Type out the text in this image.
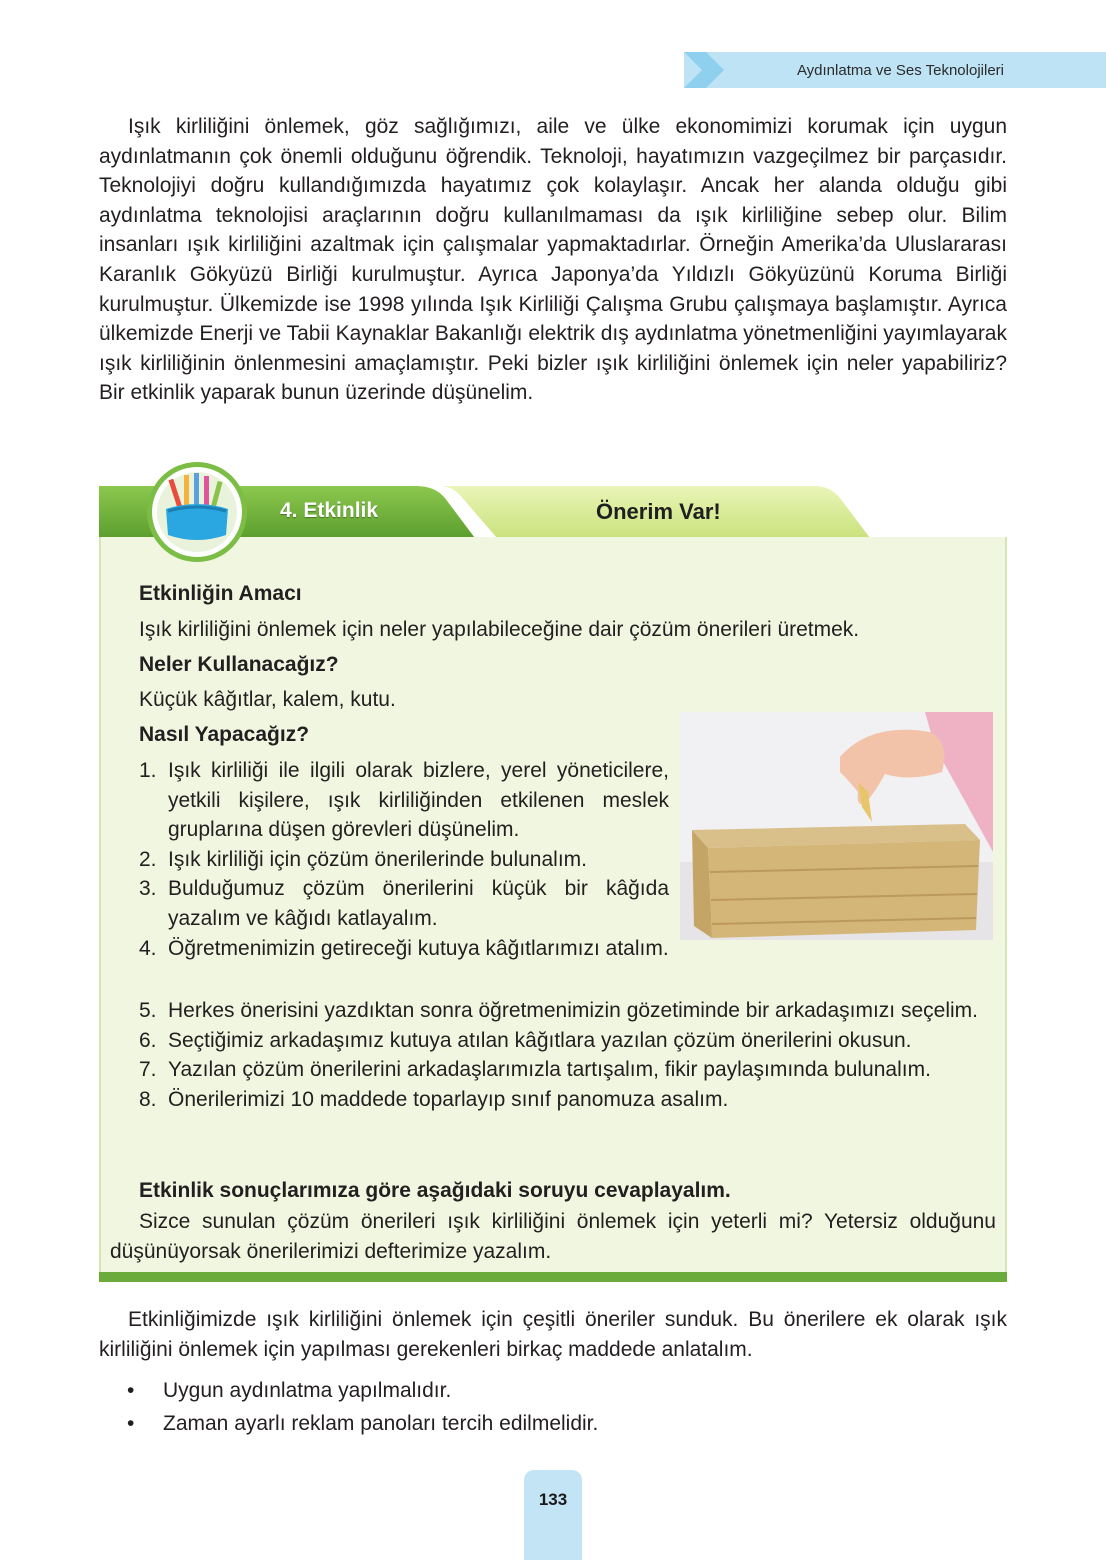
Aydınlatma ve Ses Teknolojileri

Işık kirliliğini önlemek, göz sağlığımızı, aile ve ülke ekonomimizi korumak için uygun aydınlatmanın çok önemli olduğunu öğrendik. Teknoloji, hayatımızın vazgeçilmez bir parçasıdır. Teknolojiyi doğru kullandığımızda hayatımız çok kolaylaşır. Ancak her alanda olduğu gibi aydınlatma teknolojisi araçlarının doğru kullanılmaması da ışık kirliliğine sebep olur. Bilim insanları ışık kirliliğini azaltmak için çalışmalar yapmaktadırlar. Örneğin Amerika’da Uluslararası Karanlık Gökyüzü Birliği kurulmuştur. Ayrıca Japonya’da Yıldızlı Gökyüzünü Koruma Birliği kurulmuştur. Ülkemizde ise 1998 yılında Işık Kirliliği Çalışma Grubu çalışmaya başlamıştır. Ayrıca ülkemizde Enerji ve Tabii Kaynaklar Bakanlığı elektrik dış aydınlatma yönetmenliğini yayımlayarak ışık kirliliğinin önlenmesini amaçlamıştır. Peki bizler ışık kirliliğini önlemek için neler yapabiliriz? Bir etkinlik yaparak bunun üzerinde düşünelim.

4. Etkinlik	Önerim Var!

Etkinliğin Amacı

Işık kirliliğini önlemek için neler yapılabileceğine dair çözüm önerileri üretmek.

Neler Kullanacağız?

Küçük kâğıtlar, kalem, kutu.

Nasıl Yapacağız?

1. Işık kirliliği ile ilgili olarak bizlere, yerel yöneticilere, yetkili kişilere, ışık kirliliğinden etkilenen meslek gruplarına düşen görevleri düşünelim.
2. Işık kirliliği için çözüm önerilerinde bulunalım.
3. Bulduğumuz çözüm önerilerini küçük bir kâğıda yazalım ve kâğıdı katlayalım.
4. Öğretmenimizin getireceği kutuya kâğıtlarımızı atalım.
5. Herkes önerisini yazdıktan sonra öğretmenimizin gözetiminde bir arkadaşımızı seçelim.
6. Seçtiğimiz arkadaşımız kutuya atılan kâğıtlara yazılan çözüm önerilerini okusun.
7. Yazılan çözüm önerilerini arkadaşlarımızla tartışalım, fikir paylaşımında bulunalım.
8. Önerilerimizi 10 maddede toparlayıp sınıf panomuza asalım.

Etkinlik sonuçlarımıza göre aşağıdaki soruyu cevaplayalım.

Sizce sunulan çözüm önerileri ışık kirliliğini önlemek için yeterli mi? Yetersiz olduğunu düşünüyorsak önerilerimizi defterimize yazalım.

Etkinliğimizde ışık kirliliğini önlemek için çeşitli öneriler sunduk. Bu önerilere ek olarak ışık kirliliğini önlemek için yapılması gerekenleri birkaç maddede anlatalım.

• Uygun aydınlatma yapılmalıdır.
• Zaman ayarlı reklam panoları tercih edilmelidir.
133
